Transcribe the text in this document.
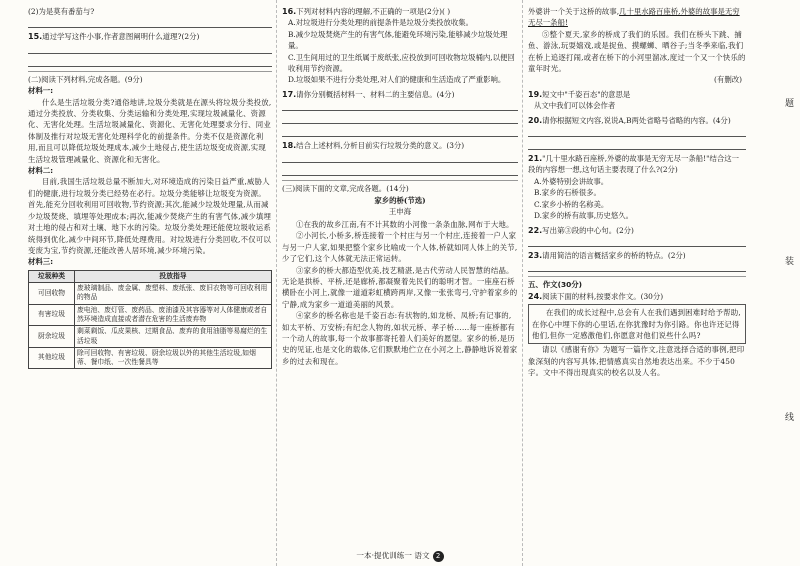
(2)为是莫有番茄与?
15.通过学写这件小事,作者意图阐明什么道理?(2分)
(二)阅读下列材料,完成各题。(9分)
材料一:
什么是生活垃圾分类?通俗地讲,垃圾分类就是在源头将垃圾分类投放,通过分类投放、分类收集、分类运输和分类处理,实现垃圾减量化、资源化、无害化处理。生活垃圾减量化、资源化、无害化处理要求分行、同业体制及推行对垃圾无害化处理科学化的前提条件。分类不仅是资源化利用,而且可以降低垃圾处理成本,减少土地侵占,使生活垃圾变成资源,实现生活垃圾管理减量化、资源化和无害化。
材料二:
目前,我国生活垃圾总量不断加大,对环境造成的污染日益严重,威胁人们的健康,进行垃圾分类已经势在必行。垃圾分类能够让垃圾变为资源。首先,能充分回收利用可回收物,节约资源;其次,能减少垃圾处理量,从而减少垃圾焚烧、填埋等处理成本;再次,能减少焚烧产生的有害气体,减少填埋对土地的侵占和对土壤、地下水的污染。垃圾分类处理还能使垃圾收运系统得到优化,减少中间环节,降低处理费用。对垃圾进行分类回收,不仅可以变废为宝,节约资源,还能改善人居环境,减少环境污染。
材料三:
垃圾种类	投放指导
可回收物	废玻璃制品、废金属、废塑料、废纸张、废旧衣物等可回收利用的物品
有害垃圾	废电池、废灯管、废药品、废油漆及其容器等对人体健康或者自然环境造成直接或者潜在危害的生活废弃物
厨余垃圾	剩菜剩饭、瓜皮果核、过期食品、废弃的食用油脂等易腐烂的生活垃圾
其他垃圾	除可回收物、有害垃圾、厨余垃圾以外的其他生活垃圾,如烟蒂、餐巾纸、一次性餐具等
16.下列对材料内容的理解,不正确的一项是(2分)( )
A.对垃圾进行分类处理的前提条件是垃圾分类投放收集。
B.减少垃圾焚烧产生的有害气体,能避免环境污染,能够减少垃圾处理量。
C.卫生间用过的卫生纸属于废纸张,应投放到可回收物垃圾桶内,以便回收利用节约资源。
D.垃圾如果不进行分类处理,对人们的健康和生活造成了严重影响。
17.请你分别概括材料一、材料二的主要信息。(4分)
18.结合上述材料,分析目前实行垃圾分类的意义。(3分)
(三)阅读下面的文章,完成各题。(14分)
家乡的桥(节选)
王申海
①在我的故乡江南,有不计其数的小河像一条条血脉,网布于大地。
②小河长,小桥多,桥连接着一个村庄与另一个村庄,连接着一户人家与另一户人家,如果把整个家乡比喻成一个人体,桥就如同人体上的关节,少了它们,这个人体就无法正常运转。
③家乡的桥大都造型优美,技艺精湛,是古代劳动人民智慧的结晶。无论是拱桥、平桥,还是廊桥,都凝聚着先民们的聪明才智。一座座石桥横卧在小河上,就像一道道彩虹横跨两岸,又像一张张弯弓,守护着家乡的宁静,成为家乡一道道美丽的风景。
④家乡的桥名称也是千姿百态:有状物的,如龙桥、凤桥;有记事的,如太平桥、万安桥;有纪念人物的,如状元桥、孝子桥……每一座桥都有一个动人的故事,每一个故事都寄托着人们美好的愿望。家乡的桥,是历史的见证,也是文化的载体,它们默默地伫立在小河之上,静静地诉说着家乡的过去和现在。
外婆讲一个关于这桥的故事,几十里水路百座桥,外婆的故事是无穷无尽一条船!
⑤整个夏天,家乡的桥成了我们的乐园。我们在桥头下跳、捕鱼、游泳,玩耍嬉戏,或是捉鱼、摸螺蛳、晒谷子;当冬季来临,我们在桥上追逐打闹,或者在桥下的小河里溜冰,度过一个又一个快乐的童年时光。
(有删改)
19.短文中"千姿百态"的意思是
从文中我们可以体会作者
20.请你根据短文内容,说说A,B两处省略号省略的内容。(4分)
21."几十里水路百座桥,外婆的故事是无穷无尽一条船!"结合这一段的内容想一想,这句话主要表现了什么?(2分)
A.外婆特别会讲故事。
B.家乡的石桥很多。
C.家乡小桥的名称美。
D.家乡的桥有故事,历史悠久。
22.写出第③段的中心句。(2分)
23.请用简洁的语言概括家乡的桥的特点。(2分)
五、作文(30分)
24.阅读下面的材料,按要求作文。(30分)
在我们的成长过程中,总会有人在我们遇到困难时给予帮助,在你心中埋下你的心里话,在你犹豫时为你引路。你也许还记得他们,但你一定感激他们,你愿意对他们说些什么吗?
请以《感谢有你》为题写一篇作文,注意选择合适的事例,把印象深刻的内容写具体,把情感真实自然地表达出来。不少于450字。文中不得出现真实的校名以及人名。
题
装
线
一本·提优训练一 语文 2
